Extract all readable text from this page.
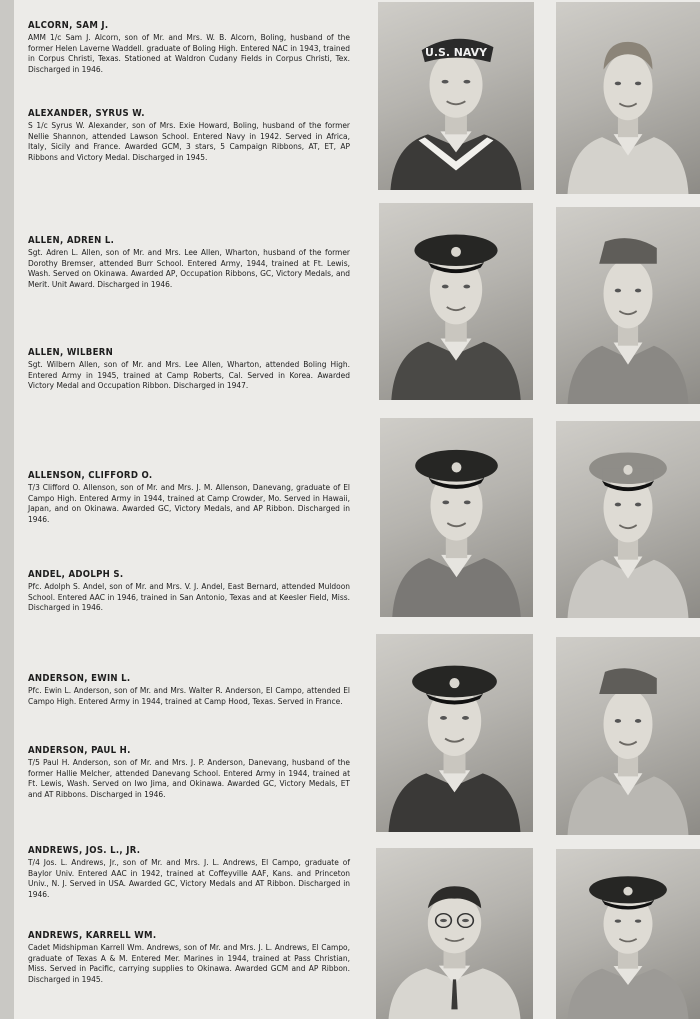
ALCORN, SAM J.

AMM 1/c Sam J. Alcorn, son of Mr. and Mrs. W. B. Alcorn, Boling, husband of the former Helen Laverne Waddell. graduate of Boling High. Entered NAC in 1943, trained in Corpus Christi, Texas. Stationed at Waldron Cudany Fields in Corpus Christi, Tex. Discharged in 1946.

ALEXANDER, SYRUS W.

S 1/c Syrus W. Alexander, son of Mrs. Exie Howard, Boling, husband of the former Nellie Shannon, attended Lawson School. Entered Navy in 1942. Served in Africa, Italy, Sicily and France. Awarded GCM, 3 stars, 5 Campaign Ribbons, AT, ET, AP Ribbons and Victory Medal. Discharged in 1945.

ALLEN, ADREN L.

Sgt. Adren L. Allen, son of Mr. and Mrs. Lee Allen, Wharton, husband of the former Dorothy Bremser, attended Burr School. Entered Army, 1944, trained at Ft. Lewis, Wash. Served on Okinawa. Awarded AP, Occupation Ribbons, GC, Victory Medals, and Merit. Unit Award. Discharged in 1946.

ALLEN, WILBERN

Sgt. Wilbern Allen, son of Mr. and Mrs. Lee Allen, Wharton, attended Boling High. Entered Army in 1945, trained at Camp Roberts, Cal. Served in Korea. Awarded Victory Medal and Occupation Ribbon. Discharged in 1947.

ALLENSON, CLIFFORD O.

T/3 Clifford O. Allenson, son of Mr. and Mrs. J. M. Allenson, Danevang, graduate of El Campo High. Entered Army in 1944, trained at Camp Crowder, Mo. Served in Hawaii, Japan, and on Okinawa. Awarded GC, Victory Medals, and AP Ribbon. Discharged in 1946.

ANDEL, ADOLPH S.

Pfc. Adolph S. Andel, son of Mr. and Mrs. V. J. Andel, East Bernard, attended Muldoon School. Entered AAC in 1946, trained in San Antonio, Texas and at Keesler Field, Miss. Discharged in 1946.

ANDERSON, EWIN L.

Pfc. Ewin L. Anderson, son of Mr. and Mrs. Walter R. Anderson, El Campo, attended El Campo High. Entered Army in 1944, trained at Camp Hood, Texas. Served in France.

ANDERSON, PAUL H.

T/5 Paul H. Anderson, son of Mr. and Mrs. J. P. Anderson, Danevang, husband of the former Hallie Melcher, attended Danevang School. Entered Army in 1944, trained at Ft. Lewis, Wash. Served on Iwo Jima, and Okinawa. Awarded GC, Victory Medals, ET and AT Ribbons. Discharged in 1946.

ANDREWS, JOS. L., JR.

T/4 Jos. L. Andrews, Jr., son of Mr. and Mrs. J. L. Andrews, El Campo, graduate of Baylor Univ. Entered AAC in 1942, trained at Coffeyville AAF, Kans. and Princeton Univ., N. J. Served in USA. Awarded GC, Victory Medals and AT Ribbon. Discharged in 1946.

ANDREWS, KARRELL WM.

Cadet Midshipman Karrell Wm. Andrews, son of Mr. and Mrs. J. L. Andrews, El Campo, graduate of Texas A & M. Entered Mer. Marines in 1944, trained at Pass Christian, Miss. Served in Pacific, carrying supplies to Okinawa. Awarded GCM and AP Ribbon. Discharged in 1945.

U.S. NAVY
